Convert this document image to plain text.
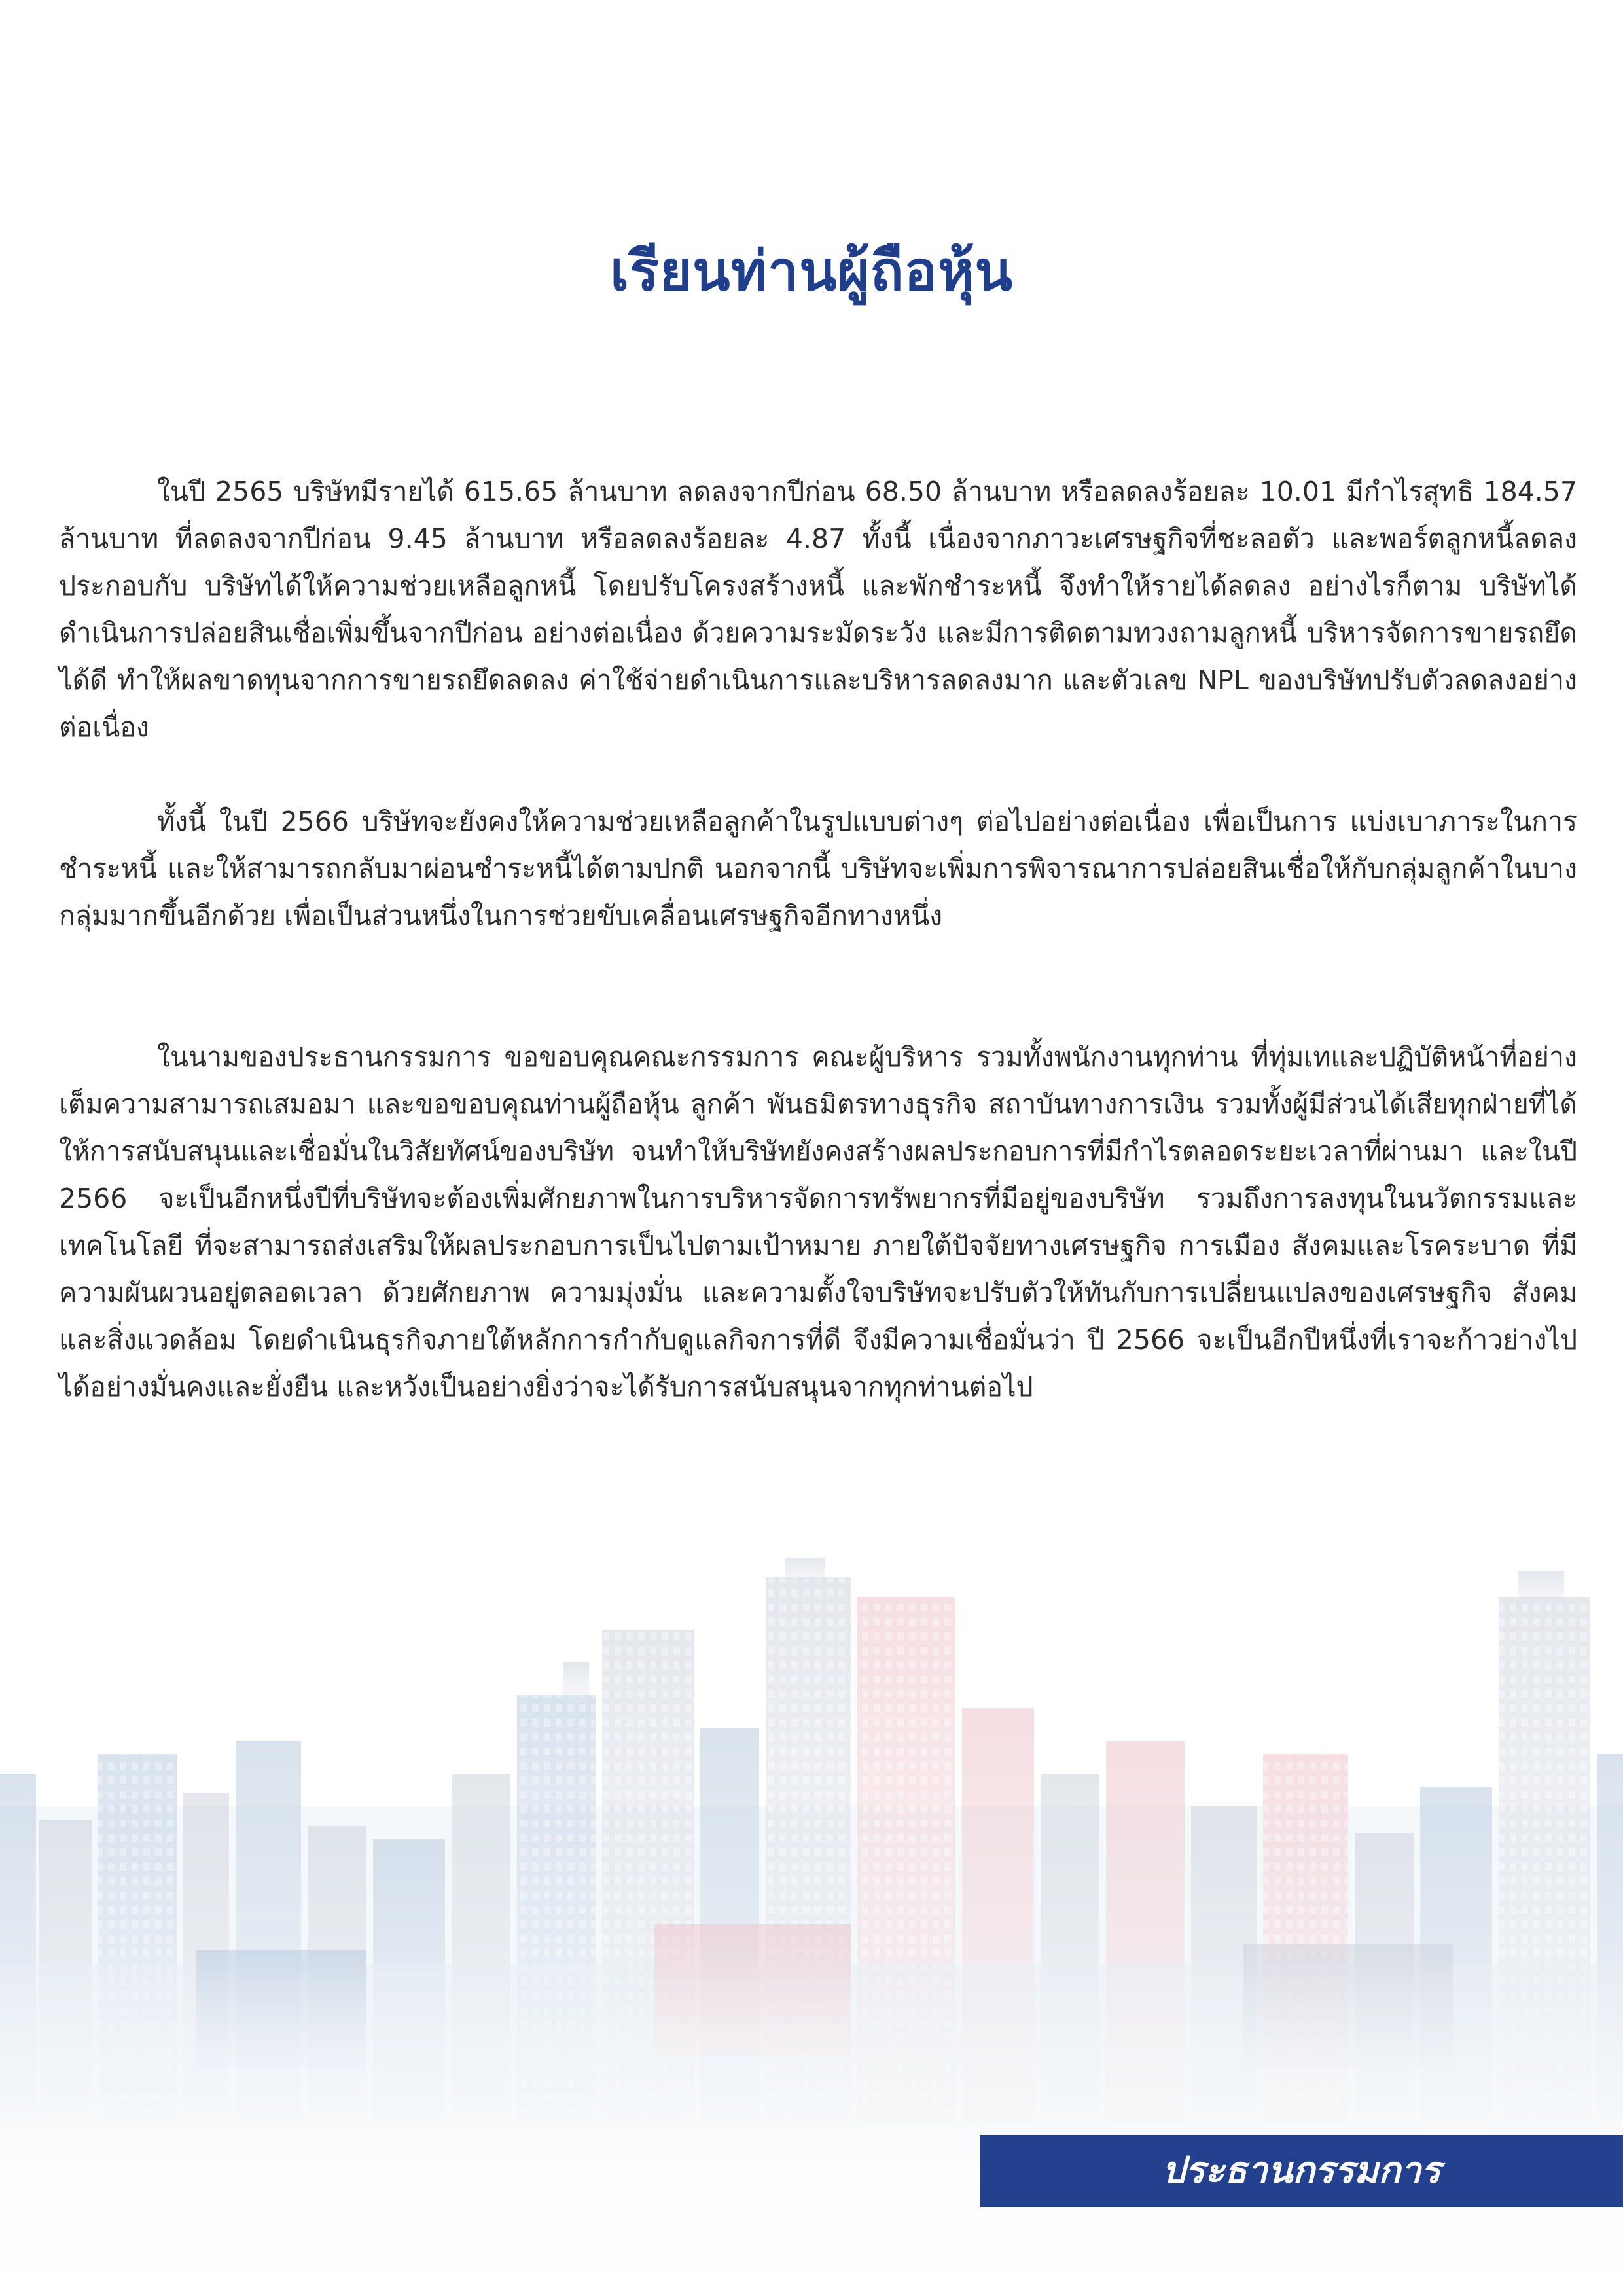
เรียนท่านผู้ถือหุ้น

ในปี 2565 บริษัทมีรายได้ 615.65 ล้านบาท ลดลงจากปีก่อน 68.50 ล้านบาท หรือลดลงร้อยละ 10.01 มีกำไรสุทธิ 184.57 ล้านบาท ที่ลดลงจากปีก่อน 9.45 ล้านบาท หรือลดลงร้อยละ 4.87 ทั้งนี้ เนื่องจากภาวะเศรษฐกิจที่ชะลอตัว และพอร์ตลูกหนี้ลดลง ประกอบกับ บริษัทได้ให้ความช่วยเหลือลูกหนี้ โดยปรับโครงสร้างหนี้ และพักชำระหนี้ จึงทำให้รายได้ลดลง อย่างไรก็ตาม บริษัทได้ดำเนินการปล่อยสินเชื่อเพิ่มขึ้นจากปีก่อน อย่างต่อเนื่อง ด้วยความระมัดระวัง และมีการติดตามทวงถามลูกหนี้ บริหารจัดการขายรถยึดได้ดี ทำให้ผลขาดทุนจากการขายรถยึดลดลง ค่าใช้จ่ายดำเนินการและบริหารลดลงมาก และตัวเลข NPL ของบริษัทปรับตัวลดลงอย่างต่อเนื่อง

ทั้งนี้ ในปี 2566 บริษัทจะยังคงให้ความช่วยเหลือลูกค้าในรูปแบบต่างๆ ต่อไปอย่างต่อเนื่อง เพื่อเป็นการ แบ่งเบาภาระในการชำระหนี้ และให้สามารถกลับมาผ่อนชำระหนี้ได้ตามปกติ นอกจากนี้ บริษัทจะเพิ่มการพิจารณาการปล่อยสินเชื่อให้กับกลุ่มลูกค้าในบางกลุ่มมากขึ้นอีกด้วย เพื่อเป็นส่วนหนึ่งในการช่วยขับเคลื่อนเศรษฐกิจอีกทางหนึ่ง

ในนามของประธานกรรมการ ขอขอบคุณคณะกรรมการ คณะผู้บริหาร รวมทั้งพนักงานทุกท่าน ที่ทุ่มเทและปฏิบัติหน้าที่อย่างเต็มความสามารถเสมอมา และขอขอบคุณท่านผู้ถือหุ้น ลูกค้า พันธมิตรทางธุรกิจ สถาบันทางการเงิน รวมทั้งผู้มีส่วนได้เสียทุกฝ่ายที่ได้ให้การสนับสนุนและเชื่อมั่นในวิสัยทัศน์ของบริษัท จนทำให้บริษัทยังคงสร้างผลประกอบการที่มีกำไรตลอดระยะเวลาที่ผ่านมา และในปี 2566 จะเป็นอีกหนึ่งปีที่บริษัทจะต้องเพิ่มศักยภาพในการบริหารจัดการทรัพยากรที่มีอยู่ของบริษัท รวมถึงการลงทุนในนวัตกรรมและเทคโนโลยี ที่จะสามารถส่งเสริมให้ผลประกอบการเป็นไปตามเป้าหมาย ภายใต้ปัจจัยทางเศรษฐกิจ การเมือง สังคมและโรคระบาด ที่มีความผันผวนอยู่ตลอดเวลา ด้วยศักยภาพ ความมุ่งมั่น และความตั้งใจบริษัทจะปรับตัวให้ทันกับการเปลี่ยนแปลงของเศรษฐกิจ สังคม และสิ่งแวดล้อม โดยดำเนินธุรกิจภายใต้หลักการกำกับดูแลกิจการที่ดี จึงมีความเชื่อมั่นว่า ปี 2566 จะเป็นอีกปีหนึ่งที่เราจะก้าวย่างไปได้อย่างมั่นคงและยั่งยืน และหวังเป็นอย่างยิ่งว่าจะได้รับการสนับสนุนจากทุกท่านต่อไป

ประธานกรรมการ
